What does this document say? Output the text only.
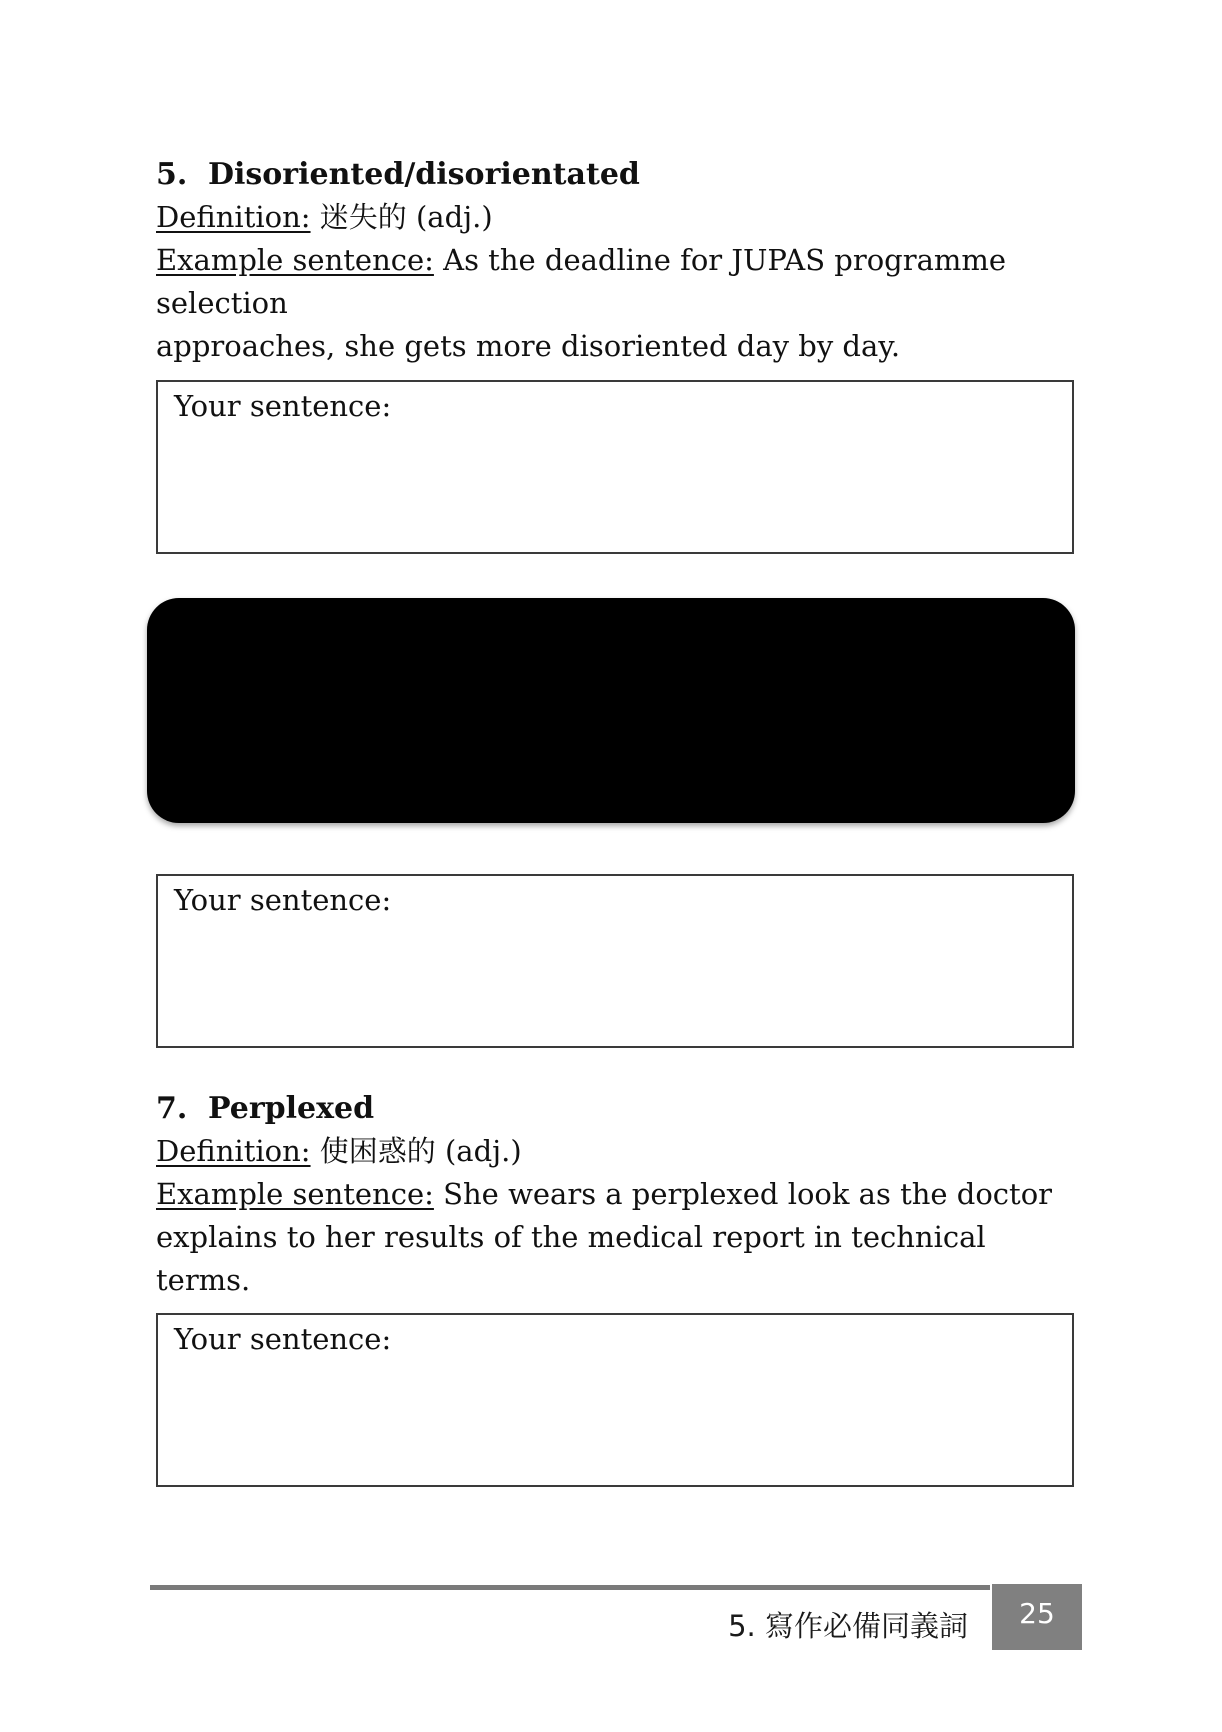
5. Disoriented/disorientated
Definition: 迷失的 (adj.)
Example sentence: As the deadline for JUPAS programme selection
approaches, she gets more disoriented day by day.
Your sentence:
Your sentence:
7. Perplexed
Definition: 使困惑的 (adj.)
Example sentence: She wears a perplexed look as the doctor
explains to her results of the medical report in technical terms.
Your sentence:
5. 寫作必備同義詞	25
